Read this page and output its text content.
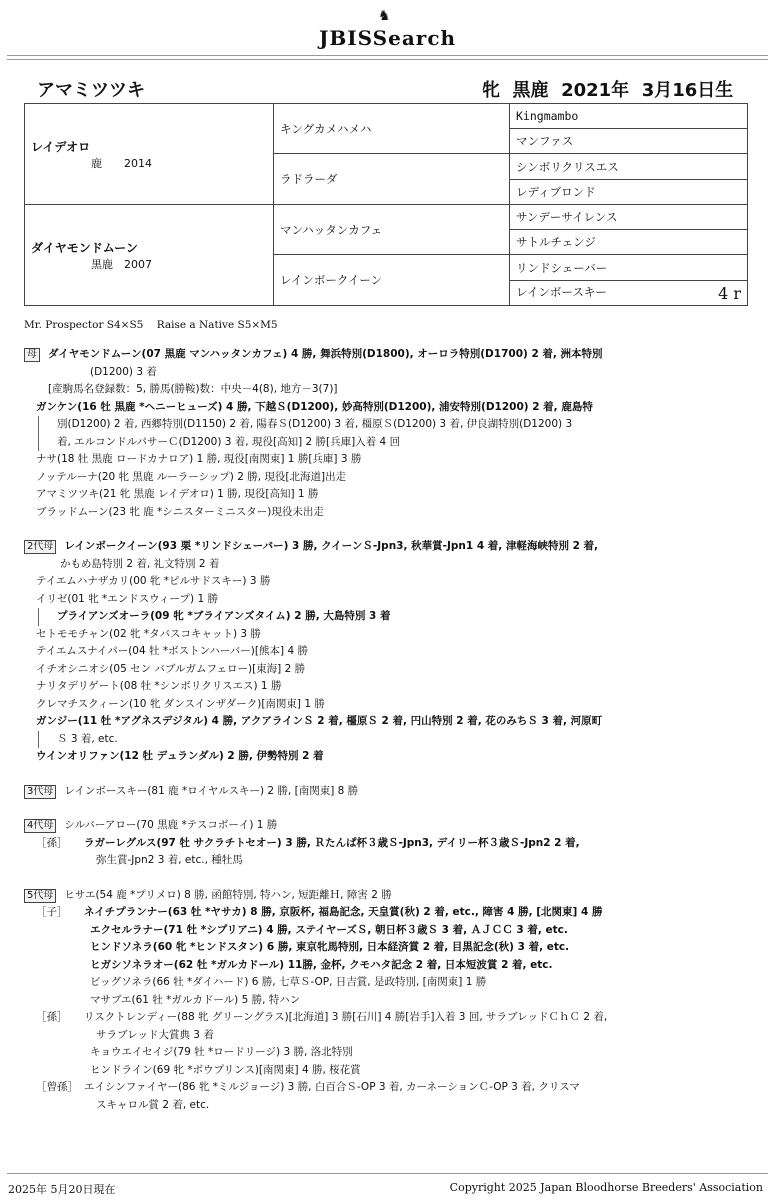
♞
JBISSearch
アマミツツキ	牝  黒鹿  2021年  3月16日生
レイデオロ
鹿　　2014	キングカメハメハ	Kingmambo
		マンファス
	ラドラーダ	シンボリクリスエス
		レディブロンド

ダイヤモンドムーン
黒鹿　2007	マンハッタンカフェ	サンデーサイレンス
		サトルチェンジ
	レインボークイーン	リンドシェーバー
		レインボースキー 4 r
Mr. Prospector S4×S5    Raise a Native S5×M5
母 ダイヤモンドムーン(07 黒鹿 マンハッタンカフェ) 4 勝, 舞浜特別(D1800), オーロラ特別(D1700) 2 着, 洲本特別
(D1200) 3 着
[産駒馬名登録数：5, 勝馬(勝鞍)数：中央－4(8), 地方－3(7)]
ガンケン(16 牡 黒鹿 *ヘニーヒューズ) 4 勝, 下越Ｓ(D1200), 妙高特別(D1200), 浦安特別(D1200) 2 着, 鹿島特
別(D1200) 2 着, 西郷特別(D1150) 2 着, 陽春Ｓ(D1200) 3 着, 橿原Ｓ(D1200) 3 着, 伊良湖特別(D1200) 3
着, エルコンドルパサーＣ(D1200) 3 着, 現役[高知] 2 勝[兵庫]入着 4 回
ナサ(18 牡 黒鹿 ロードカナロア) 1 勝, 現役[南関東] 1 勝[兵庫] 3 勝
ノッテルーナ(20 牝 黒鹿 ルーラーシップ) 2 勝, 現役[北海道]出走
アマミツツキ(21 牝 黒鹿 レイデオロ) 1 勝, 現役[高知] 1 勝
ブラッドムーン(23 牝 鹿 *シニスターミニスター)現役未出走
2代母 レインボークイーン(93 栗 *リンドシェーバー) 3 勝, クイーンＳ-Jpn3, 秋華賞-Jpn1 4 着, 津軽海峡特別 2 着,
かもめ島特別 2 着, 礼文特別 2 着
テイエムハナザカリ(00 牝 *ピルサドスキー) 3 勝
イリゼ(01 牝 *エンドスウィープ) 1 勝
プライアンズオーラ(09 牝 *ブライアンズタイム) 2 勝, 大島特別 3 着
セトモモチャン(02 牝 *タバスコキャット) 3 勝
テイエムスナイパー(04 牡 *ボストンハーバー)[熊本] 4 勝
イチオシニオシ(05 セン バブルガムフェロー)[東海] 2 勝
ナリタデリゲート(08 牡 *シンボリクリスエス) 1 勝
クレマチスクィーン(10 牝 ダンスインザダーク)[南関東] 1 勝
ガンジー(11 牡 *アグネスデジタル) 4 勝, アクアラインＳ 2 着, 橿原Ｓ 2 着, 円山特別 2 着, 花のみちＳ 3 着, 河原町
Ｓ 3 着, etc.
ウインオリファン(12 牡 デュランダル) 2 勝, 伊勢特別 2 着
3代母 レインボースキー(81 鹿 *ロイヤルスキー) 2 勝, [南関東] 8 勝
4代母 シルバーアロー(70 黒鹿 *テスコボーイ) 1 勝
［孫］ ラガーレグルス(97 牡 サクラチトセオー) 3 勝, Ｒたんぱ杯３歳Ｓ-Jpn3, デイリー杯３歳Ｓ-Jpn2 2 着,
弥生賞-Jpn2 3 着, etc., 種牡馬
5代母 ヒサエ(54 鹿 *プリメロ) 8 勝, 函館特別, 特ハン, 短距離Ｈ, 障害 2 勝
［子］ ネイチプランナー(63 牡 *ヤサカ) 8 勝, 京阪杯, 福島記念, 天皇賞(秋) 2 着, etc., 障害 4 勝, [北関東] 4 勝
エクセルラナー(71 牡 *シプリアニ) 4 勝, ステイヤーズＳ, 朝日杯３歳Ｓ 3 着, ＡＪＣＣ 3 着, etc.
ヒンドソネラ(60 牝 *ヒンドスタン) 6 勝, 東京牝馬特別, 日本経済賞 2 着, 目黒記念(秋) 3 着, etc.
ヒガシソネラオー(62 牡 *ガルカドール) 11勝, 金杯, クモハタ記念 2 着, 日本短波賞 2 着, etc.
ビッグソネラ(66 牡 *ダイハード) 6 勝, 七草Ｓ-OP, 日吉賞, 是政特別, [南関東] 1 勝
マサブエ(61 牡 *ガルカドール) 5 勝, 特ハン
［孫］ リスクトレンディー(88 牝 グリーングラス)[北海道] 3 勝[石川] 4 勝[岩手]入着 3 回, サラブレッドＣｈＣ 2 着,
サラブレッド大賞典 3 着
キョウエイセイジ(79 牡 *ロードリージ) 3 勝, 洛北特別
ヒンドライン(69 牝 *ボウプリンス)[南関東] 4 勝, 桜花賞
［曾孫］ エイシンファイヤー(86 牝 *ミルジョージ) 3 勝, 白百合Ｓ-OP 3 着, カーネーションＣ-OP 3 着, クリスマ
スキャロル賞 2 着, etc.
2025年 5月20日現在	Copyright 2025 Japan Bloodhorse Breeders' Association
